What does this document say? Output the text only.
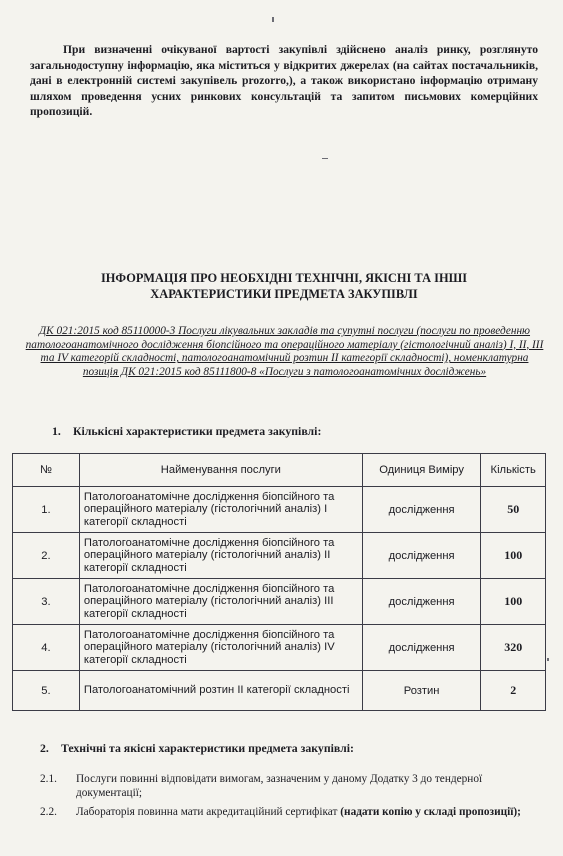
При визначенні очікуваної вартості закупівлі здійснено аналіз ринку, розглянуто загальнодоступну інформацію, яка міститься у відкритих джерелах (на сайтах постачальників, дані в електронній системі закупівель prozorro,), а також використано інформацію отриману шляхом проведення усних ринкових консультацій та запитом письмових комерційних пропозицій.

ІНФОРМАЦІЯ ПРО НЕОБХІДНІ ТЕХНІЧНІ, ЯКІСНІ ТА ІНШІ
ХАРАКТЕРИСТИКИ ПРЕДМЕТА ЗАКУПІВЛІ

ДК 021:2015 код 85110000-3 Послуги лікувальних закладів та супутні послуги (послуги по проведенню патологоанатомічного дослідження біопсійного та операційного матеріалу (гістологічний аналіз) І, ІІ, ІІІ та ІV категорій складності, патологоанатомічний розтин ІІ категорії складності), номенклатурна позиція ДК 021:2015 код 85111800-8 «Послуги з патологоанатомічних досліджень»

1. Кількісні характеристики предмета закупівлі:

№	Найменування послуги	Одиниця Виміру	Кількість
1.	Патологоанатомічне дослідження біопсійного та операційного матеріалу (гістологічний аналіз) І категорії складності	дослідження	50
2.	Патологоанатомічне дослідження біопсійного та операційного матеріалу (гістологічний аналіз) ІІ категорії складності	дослідження	100
3.	Патологоанатомічне дослідження біопсійного та операційного матеріалу (гістологічний аналіз) ІІІ категорії складності	дослідження	100
4.	Патологоанатомічне дослідження біопсійного та операційного матеріалу (гістологічний аналіз) ІV категорії складності	дослідження	320
5.	Патологоанатомічний розтин ІІ категорії складності	Розтин	2

2. Технічні та якісні характеристики предмета закупівлі:

2.1.	Послуги повинні відповідати вимогам, зазначеним у даному Додатку 3 до тендерної документації;

2.2.	Лабораторія повинна мати акредитаційний сертифікат (надати копію у складі пропозиції);
